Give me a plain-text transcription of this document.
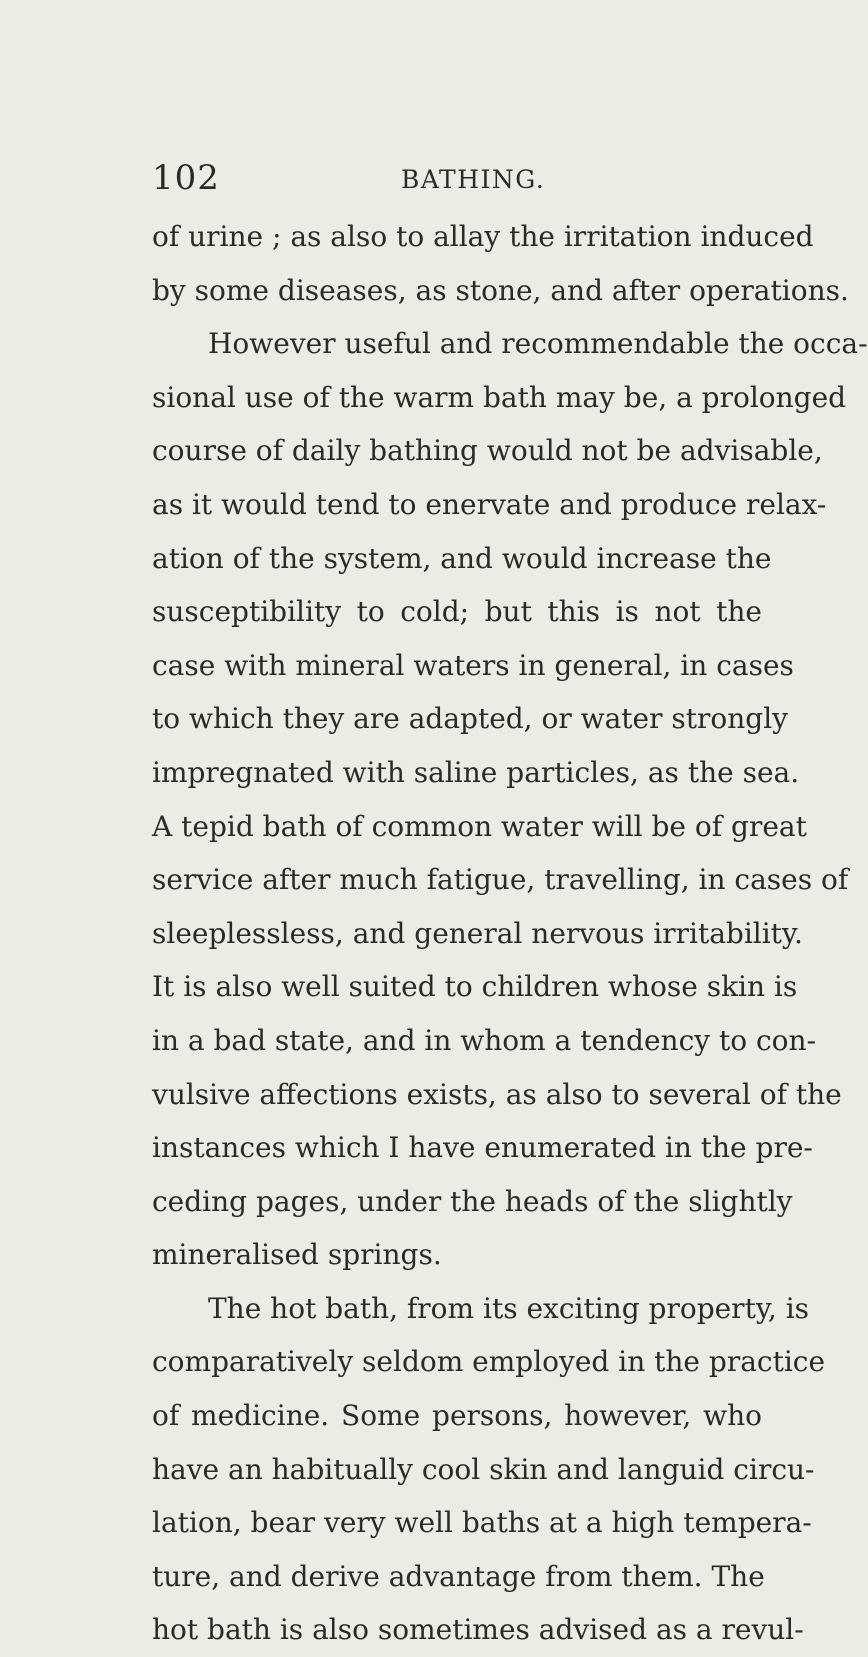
102	BATHING.
of urine ; as also to allay the irritation induced
by some diseases, as stone, and after operations.
However useful and recommendable the occa-
sional use of the warm bath may be, a prolonged
course of daily bathing would not be advisable,
as it would tend to enervate and produce relax-
ation of the system, and would increase the
susceptibility to cold; but this is not the
case with mineral waters in general, in cases
to which they are adapted, or water strongly
impregnated with saline particles, as the sea.
A tepid bath of common water will be of great
service after much fatigue, travelling, in cases of
sleeplessless, and general nervous irritability.
It is also well suited to children whose skin is
in a bad state, and in whom a tendency to con-
vulsive affections exists, as also to several of the
instances which I have enumerated in the pre-
ceding pages, under the heads of the slightly
mineralised springs.
The hot bath, from its exciting property, is
comparatively seldom employed in the practice
of medicine. Some persons, however, who
have an habitually cool skin and languid circu-
lation, bear very well baths at a high tempera-
ture, and derive advantage from them. The
hot bath is also sometimes advised as a revul-
